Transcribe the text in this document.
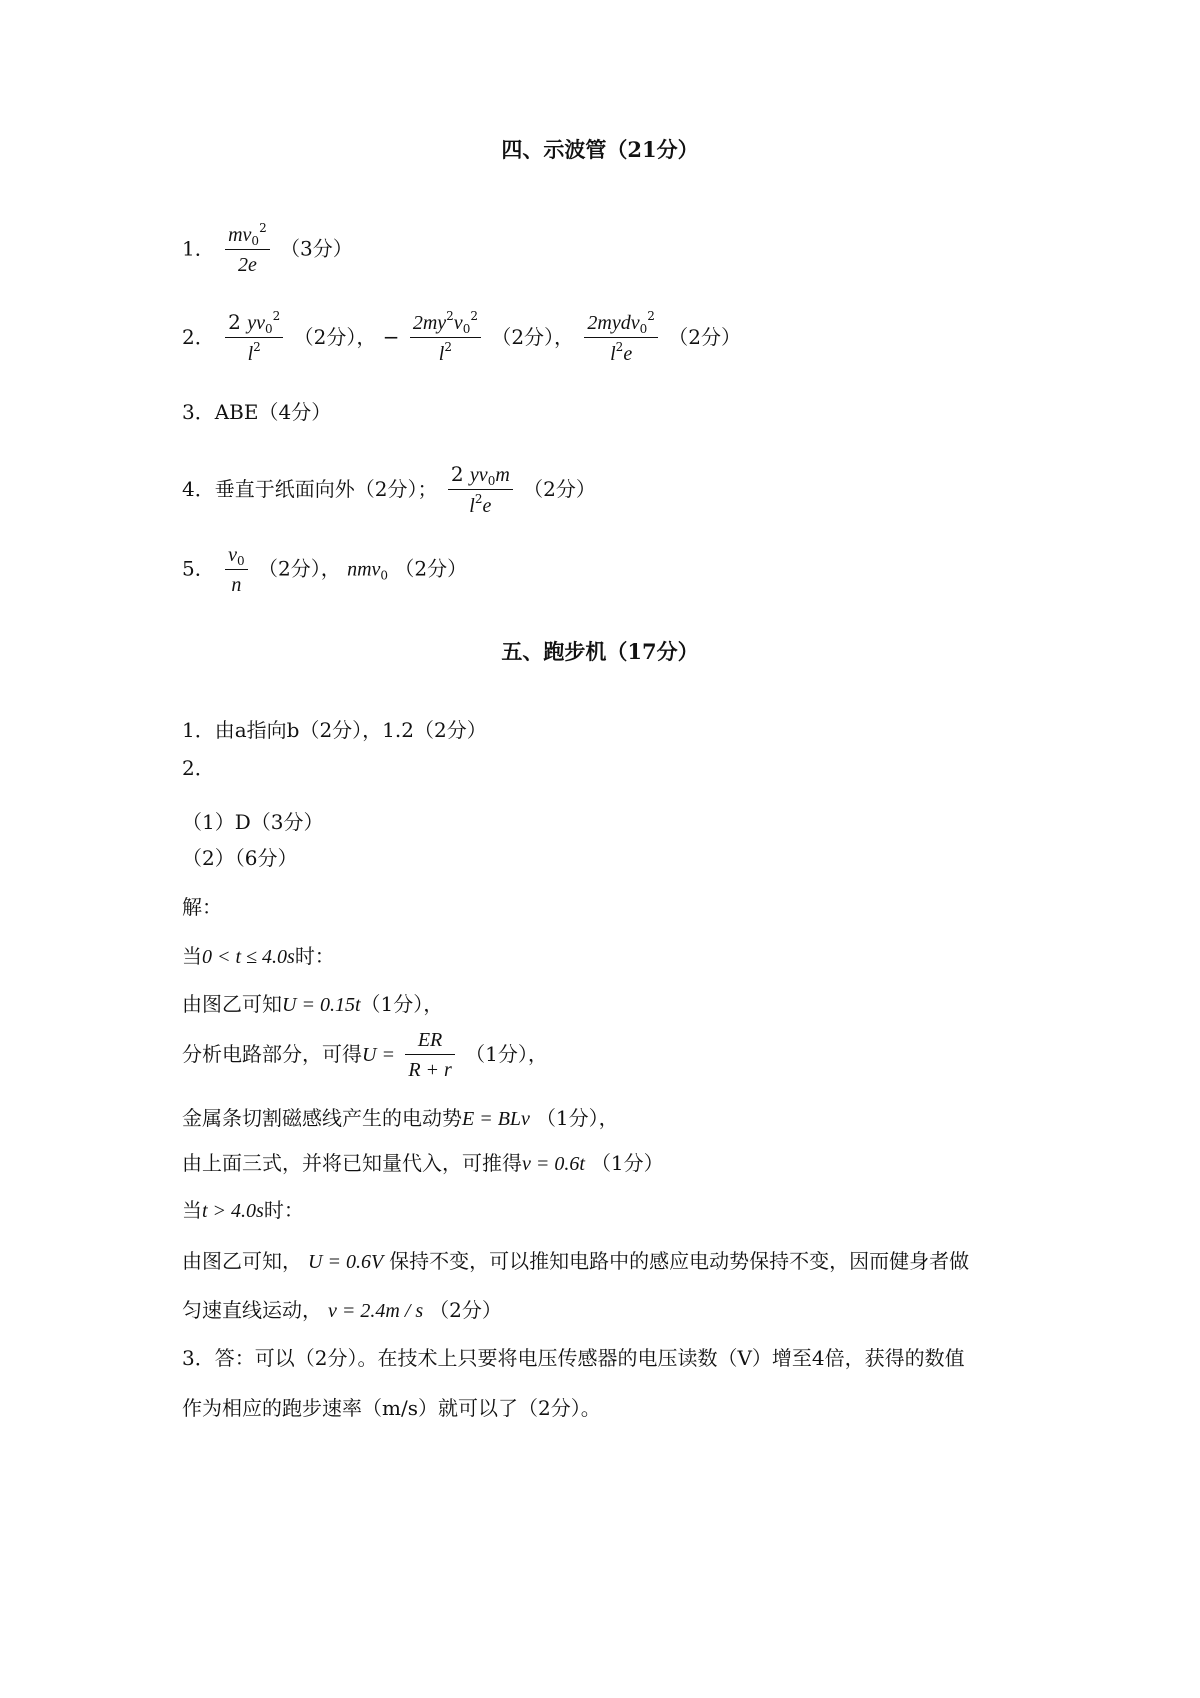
四、示波管（21分）
1． $\frac{mv_0^2}{2e} (3$分）
2． $\frac{2 yv_0^2}{l^2} (2$分）， − $\frac{2my^2v_0^2}{l^2} (2$分）， $\frac{2mydv_0^2}{l^2e} (2$分）
3．ABE（4分）
4．垂直于纸面向外（2分）； $\frac{2 yv_0m}{l^2e} (2$分）
5． $\frac{v_0}{n} (2$分）， nmv$_0$ （2分）
五、跑步机（17分）
1．由a指向b（2分），1.2（2分）
2．
（1）D（3分）
（2）（6分）
解：
当0 < t ≤ 4.0s时：
由图乙可知U = 0.15t（1分），
分析电路部分，可得$U = \frac{ER}{R + r} (1$分），
金属条切割磁感线产生的电动势E = BLv （1分），
由上面三式，并将已知量代入，可推得v = 0.6t （1分）
当t > 4.0s时：
由图乙可知， U = 0.6V 保持不变，可以推知电路中的感应电动势保持不变，因而健身者做
匀速直线运动， v = 2.4m / s （2分）
3．答：可以（2分）。在技术上只要将电压传感器的电压读数（V）增至4倍，获得的数值
作为相应的跑步速率（m/s）就可以了（2分）。
